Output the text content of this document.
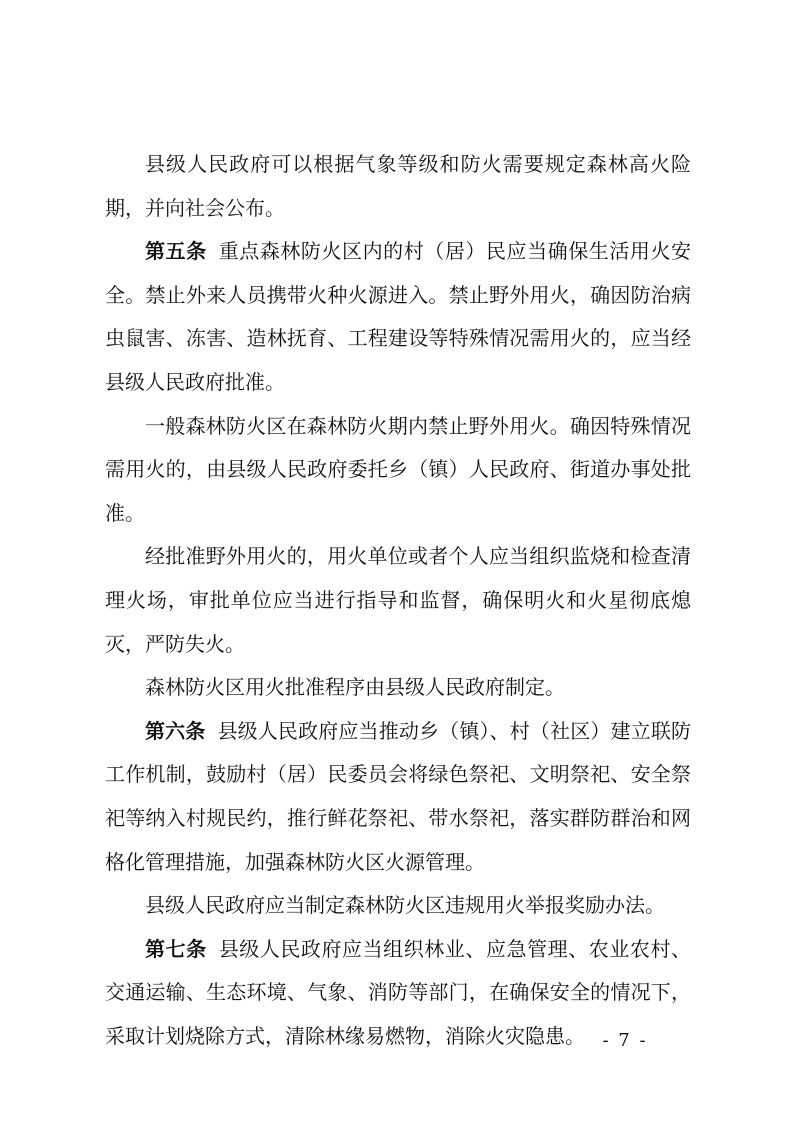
县级人民政府可以根据气象等级和防火需要规定森林高火险期，并向社会公布。

第五条 重点森林防火区内的村（居）民应当确保生活用火安全。禁止外来人员携带火种火源进入。禁止野外用火，确因防治病虫鼠害、冻害、造林抚育、工程建设等特殊情况需用火的，应当经县级人民政府批准。

一般森林防火区在森林防火期内禁止野外用火。确因特殊情况需用火的，由县级人民政府委托乡（镇）人民政府、街道办事处批准。

经批准野外用火的，用火单位或者个人应当组织监烧和检查清理火场，审批单位应当进行指导和监督，确保明火和火星彻底熄灭，严防失火。

森林防火区用火批准程序由县级人民政府制定。

第六条 县级人民政府应当推动乡（镇）、村（社区）建立联防工作机制，鼓励村（居）民委员会将绿色祭祀、文明祭祀、安全祭祀等纳入村规民约，推行鲜花祭祀、带水祭祀，落实群防群治和网格化管理措施，加强森林防火区火源管理。

县级人民政府应当制定森林防火区违规用火举报奖励办法。

第七条 县级人民政府应当组织林业、应急管理、农业农村、交通运输、生态环境、气象、消防等部门，在确保安全的情况下，采取计划烧除方式，清除林缘易燃物，消除火灾隐患。 - 7 -
